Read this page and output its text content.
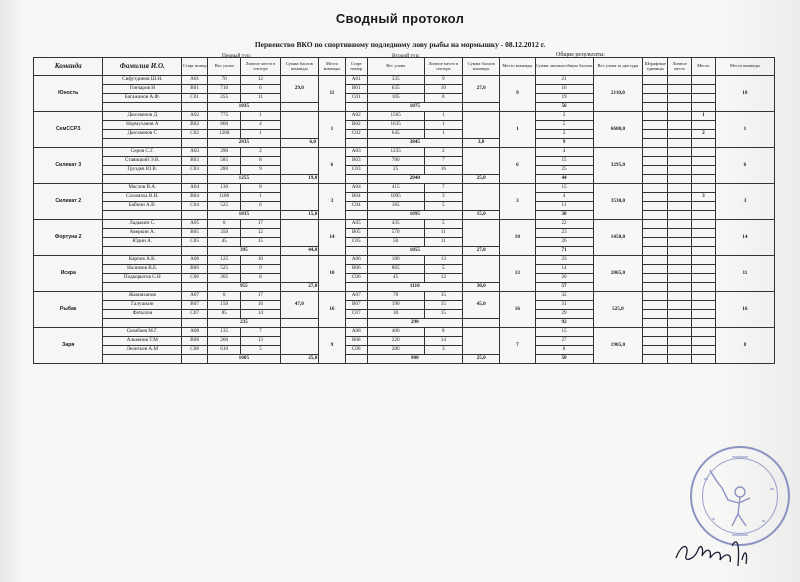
Сводный протокол
Первенство ВКО по спортивному подледному лову рыбы на мормышку - 08.12.2012 г.
Первый тур:	Второй тур:	Общие результаты:
Команда	Фамилия И.О.	Старт номер	Вес улова	Личное место в секторе	Сумма баллов команды	Место команды	Старт номер	Вес улова	Личное место в секторе	Сумма баллов команды	Место команды	Сумма личных/общих баллов	Вес улова за два тура	Штрафные единицы	Личное место	Место	Место команды
Юность	Сифутдинов Ш.Н.	A01	70	12	29,0	11	A01	335	9	27,0	9	21	2110,0				10
	Гончаров Н	B01	710	6			B01	635	10			16					
	Багажанов А.Ф.	C01	255	11			C01	105	8			19					
			1035					1075				56					
СемССРЗ	Дюсекенов Д	A02	775	1		1	A02	1565	1		1	2	6680,0			1	1
	Нормуханов А	B02	860	4			B02	1635	1			5					
	Дюсекенов С	C02	1200	1			C02	645	1			2				2	
			2835		6,0			3845		3,0		9					
Силикат 3	Серов С.Г.	A03	390	2		6	A03	1235	2		6	4	3295,0				6
	Ставицкий Э.В.	B03	585	8			B03	780	7			15					
	Груздев Ю.В.	C03	280	9			C03	25	16			25					
			1255		19,0			2040		25,0		44					
Силикат 2	Маслов В.А.	A04	130	8		3	A04	415	7		3	15	3530,0				3
	Соломаха В.И.	B04	1180	1			B04	1095	3			4				3	
	Бабкин А.В.	C04	525	6			C04	185	5			11					
			1835		15,0			1695		15,0		30					
Фортуна 2	Ладыкин С.	A05	0	17		14	A05	435	5		10	22	1450,0				14
	Аверкин А.	B05	350	12			B05	570	11			23					
	Юдин А.	C05	45	15			C05	50	11			26					
			395		44,0			1055		27,0		71					
Искра	Карпов А.К.	A06	125	10		10	A06	180	13		13	23	2065,0				11
	Налимов В.Е.	B06	525	9			B06	885	5			14					
	Подкорытов С.Н	C06	305	8			C06	45	12			20					
			955		27,0			1110		30,0		57					
Рыбак	Жакияханов	A07	0	17	47,0	16	A07	70	15	45,0	16	32	525,0				16
	Галушкин	B07	150	16			B07	190	15			31					
	Фатыхов	C07	85	14			C07	30	15			29					
			235					290				92					
Заря	Сюмбаев М.Г.	A08	135	7		9	A08	400	8		7	15	1905,0				8
	Алькенов Т.М	B08	260	13			B08	220	14			27					
	Леонтьев А.М	C08	610	5			C08	280	3			8					
			1005		25,0			900		25,0		50					
